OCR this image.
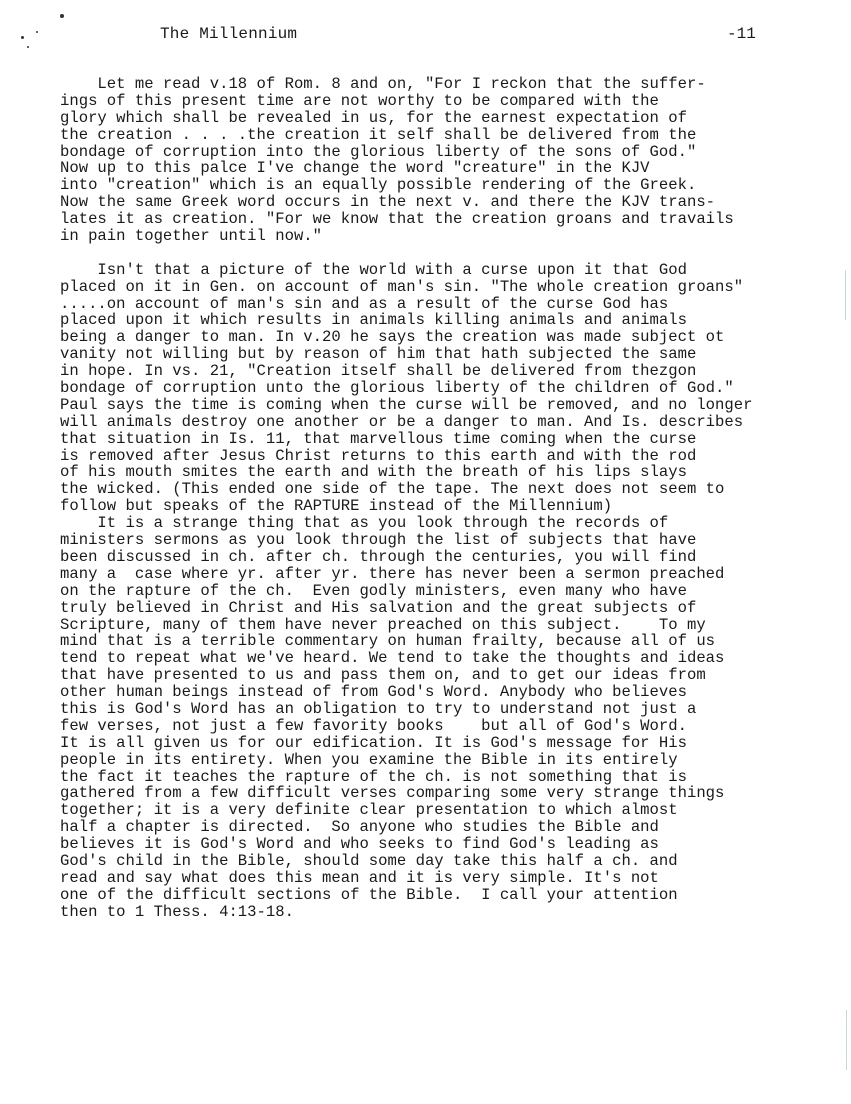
The Millennium	-11
Let me read v.18 of Rom. 8 and on, "For I reckon that the suffer-
ings of this present time are not worthy to be compared with the
glory which shall be revealed in us, for the earnest expectation of
the creation . . . .the creation it self shall be delivered from the
bondage of corruption into the glorious liberty of the sons of God."
Now up to this palce I've change the word "creature" in the KJV
into "creation" which is an equally possible rendering of the Greek.
Now the same Greek word occurs in the next v. and there the KJV trans-
lates it as creation. "For we know that the creation groans and travails
in pain together until now."
Isn't that a picture of the world with a curse upon it that God
placed on it in Gen. on account of man's sin. "The whole creation groans"
.....on account of man's sin and as a result of the curse God has
placed upon it which results in animals killing animals and animals
being a danger to man. In v.20 he says the creation was made subject ot
vanity not willing but by reason of him that hath subjected the same
in hope. In vs. 21, "Creation itself shall be delivered from thezgon
bondage of corruption unto the glorious liberty of the children of God."
Paul says the time is coming when the curse will be removed, and no longer
will animals destroy one another or be a danger to man. And Is. describes
that situation in Is. 11, that marvellous time coming when the curse
is removed after Jesus Christ returns to this earth and with the rod
of his mouth smites the earth and with the breath of his lips slays
the wicked. (This ended one side of the tape. The next does not seem to
follow but speaks of the RAPTURE instead of the Millennium)
It is a strange thing that as you look through the records of
ministers sermons as you look through the list of subjects that have
been discussed in ch. after ch. through the centuries, you will find
many a  case where yr. after yr. there has never been a sermon preached
on the rapture of the ch.  Even godly ministers, even many who have
truly believed in Christ and His salvation and the great subjects of
Scripture, many of them have never preached on this subject.    To my
mind that is a terrible commentary on human frailty, because all of us
tend to repeat what we've heard. We tend to take the thoughts and ideas
that have presented to us and pass them on, and to get our ideas from
other human beings instead of from God's Word. Anybody who believes
this is God's Word has an obligation to try to understand not just a
few verses, not just a few favority books    but all of God's Word.
It is all given us for our edification. It is God's message for His
people in its entirety. When you examine the Bible in its entirely
the fact it teaches the rapture of the ch. is not something that is
gathered from a few difficult verses comparing some very strange things
together; it is a very definite clear presentation to which almost
half a chapter is directed.  So anyone who studies the Bible and
believes it is God's Word and who seeks to find God's leading as
God's child in the Bible, should some day take this half a ch. and
read and say what does this mean and it is very simple. It's not
one of the difficult sections of the Bible.  I call your attention
then to 1 Thess. 4:13-18.
